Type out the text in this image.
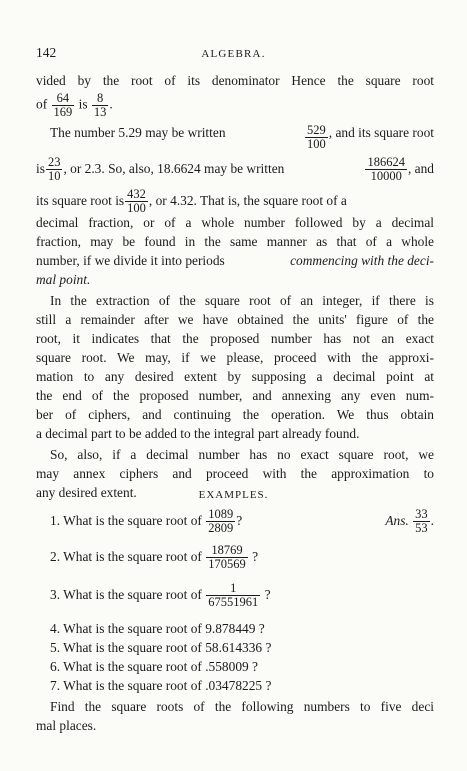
142	ALGEBRA.
vided by the root of its denominator Hence the square root
of $\frac{64}{169}$ is $\frac{8}{13}$ .
The number 5.29 may be written	$\frac{529}{100}$ , and its square root
is $\frac{23}{10}$ , or 2.3. So, also, 18.6624 may be written	$\frac{186624}{10000}$ , and
its square root is $\frac{432}{100}$ , or 4.32. That is, the square root of a
decimal fraction, or of a whole number followed by a decimal
fraction, may be found in the same manner as that of a whole
number, if we divide it into periods	commencing with the deci-
mal point.
In the extraction of the square root of an integer, if there is
still a remainder after we have obtained the units' figure of the
root, it indicates that the proposed number has not an exact
square root. We may, if we please, proceed with the approxi-
mation to any desired extent by supposing a decimal point at
the end of the proposed number, and annexing any even num-
ber of ciphers, and continuing the operation. We thus obtain
a decimal part to be added to the integral part already found.
So, also, if a decimal number has no exact square root, we
may annex ciphers and proceed with the approximation to
any desired extent.	EXAMPLES.
1. What is the square root of
$\frac{1089}{2809}$ ?	Ans.
$\frac{33}{53}$ .
2. What is the square root of
$\frac{18769}{170569}$
?
3. What is the square root of
$\frac{1}{67551961}$
?
4. What is the square root of 9.878449 ?
5. What is the square root of 58.614336 ?
6. What is the square root of .558009 ?
7. What is the square root of .03478225 ?
Find the square roots of the following numbers to five deci
mal places.
